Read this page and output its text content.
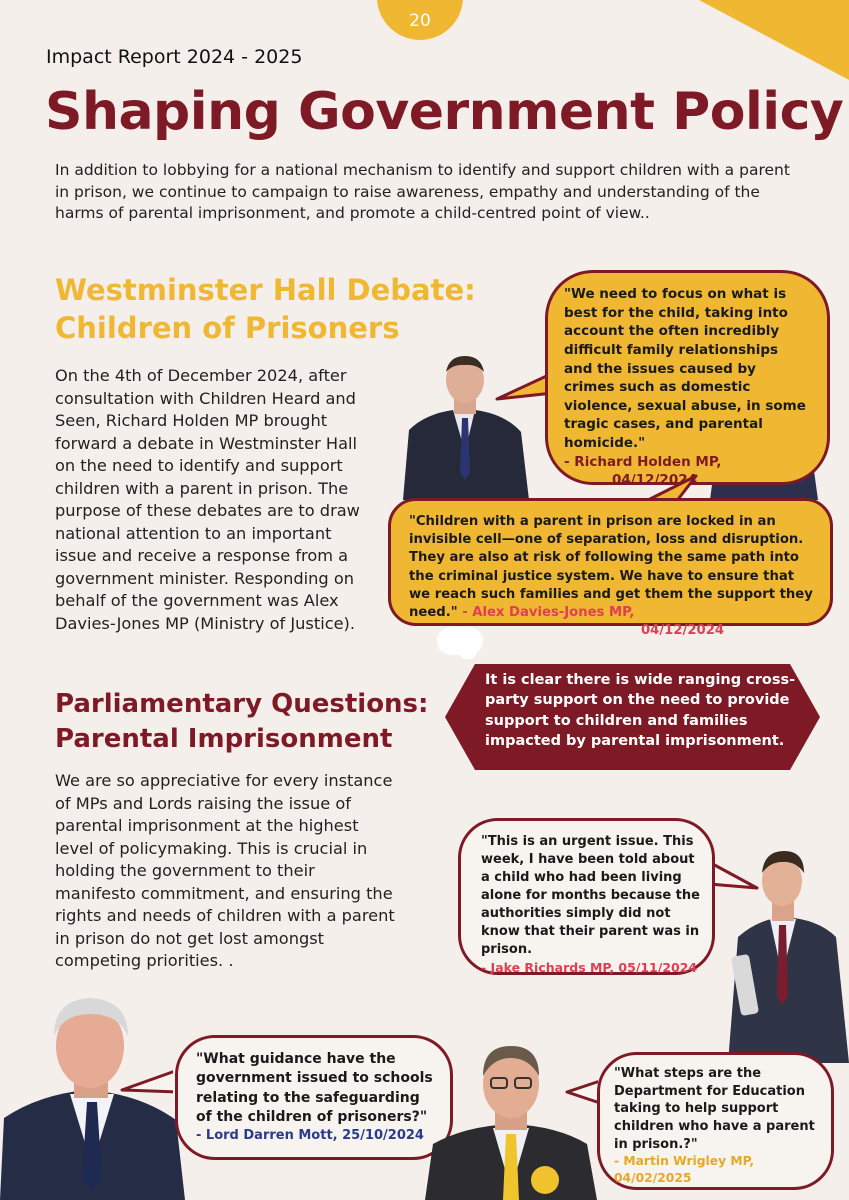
20
Impact Report 2024 - 2025
Shaping Government Policy
In addition to lobbying for a national mechanism to identify and support children with a parent in prison, we continue to campaign to raise awareness, empathy and understanding of the harms of parental imprisonment, and promote a child-centred point of view..
Westminster Hall Debate:
Children of Prisoners
On the 4th of December 2024, after consultation with Children Heard and Seen, Richard Holden MP brought forward a debate in Westminster Hall on the need to identify and support children with a parent in prison. The purpose of these debates are to draw national attention to an important issue and receive a response from a government minister. Responding on behalf of the government was Alex Davies-Jones MP (Ministry of Justice).
"We need to focus on what is best for the child, taking into account the often incredibly difficult family relationships and the issues caused by crimes such as domestic violence, sexual abuse, in some tragic cases, and parental homicide."
- Richard Holden MP,
04/12/2024
"Children with a parent in prison are locked in an invisible cell—one of separation, loss and disruption. They are also at risk of following the same path into the criminal justice system. We have to ensure that we reach such families and get them the support they need." - Alex Davies-Jones MP,
04/12/2024
Parliamentary Questions:
Parental Imprisonment
We are so appreciative for every instance of MPs and Lords raising the issue of parental imprisonment at the highest level of policymaking. This is crucial in holding the government to their manifesto commitment, and ensuring the rights and needs of children with a parent in prison do not get lost amongst competing priorities. .
It is clear there is wide ranging cross-party support on the need to provide support to children and families impacted by parental imprisonment.
"This is an urgent issue. This week, I have been told about a child who had been living alone for months because the authorities simply did not know that their parent was in prison.
- Jake Richards MP, 05/11/2024
"What guidance have the government issued to schools relating to the safeguarding of the children of prisoners?"
- Lord Darren Mott, 25/10/2024
"What steps are the Department for Education taking to help support children who have a parent in prison.?"
- Martin Wrigley MP, 04/02/2025
